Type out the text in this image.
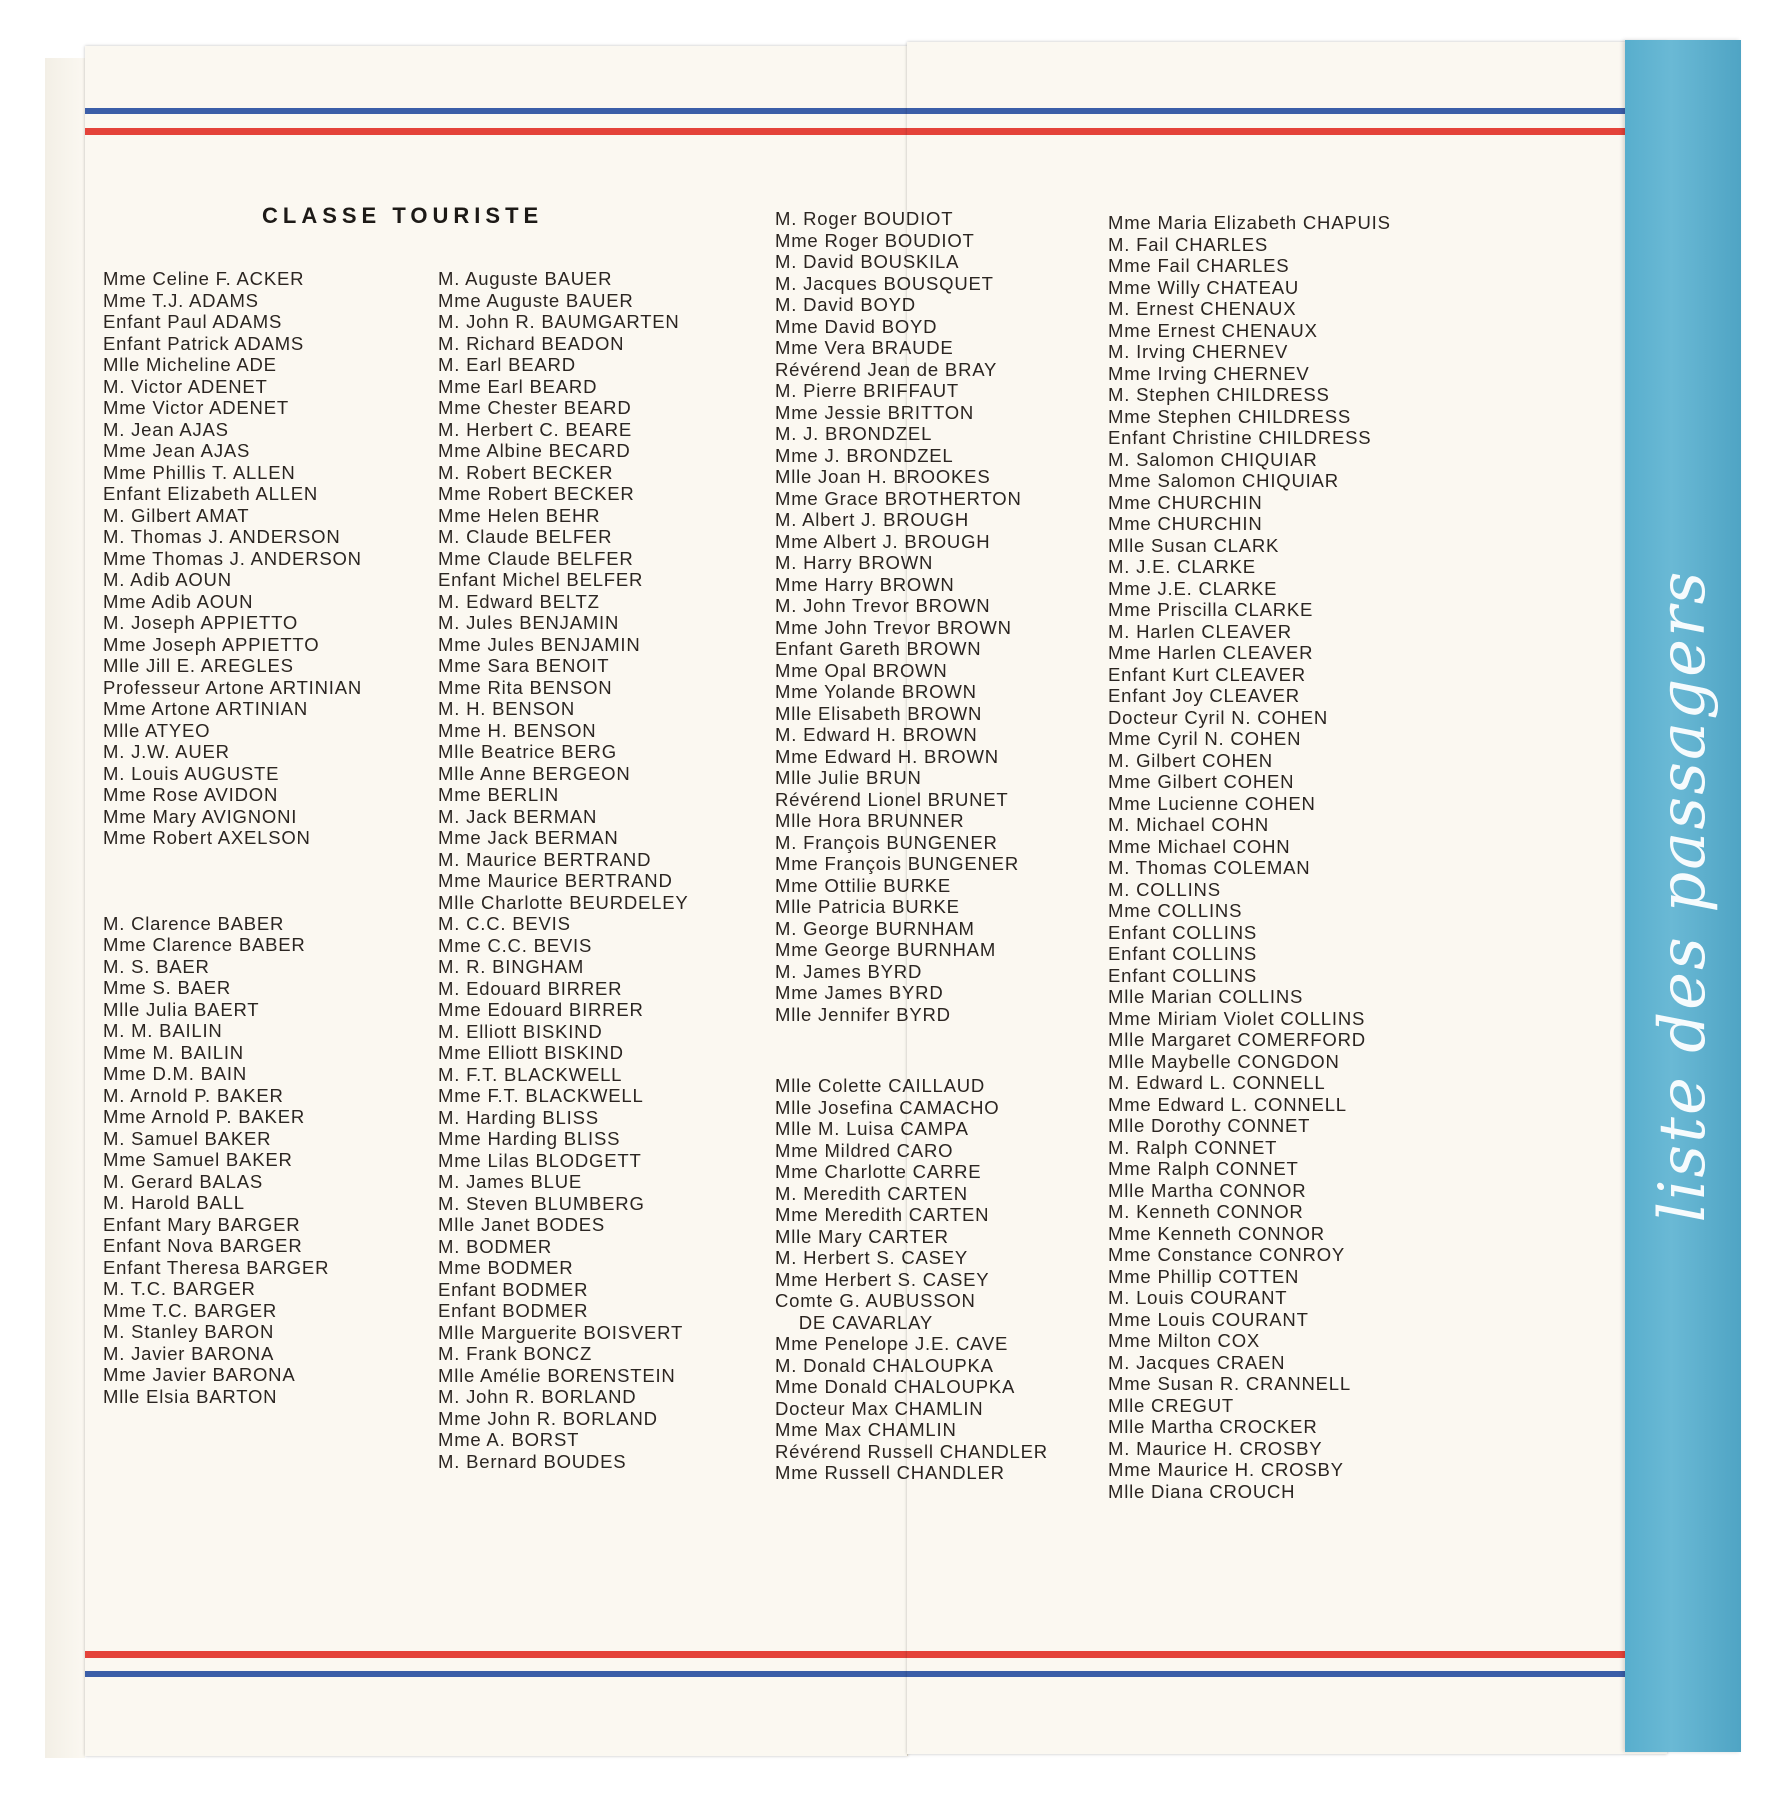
liste des passagers
CLASSE TOURISTE
Mme Celine F. ACKER
Mme T.J. ADAMS
Enfant Paul ADAMS
Enfant Patrick ADAMS
Mlle Micheline ADE
M. Victor ADENET
Mme Victor ADENET
M. Jean AJAS
Mme Jean AJAS
Mme Phillis T. ALLEN
Enfant Elizabeth ALLEN
M. Gilbert AMAT
M. Thomas J. ANDERSON
Mme Thomas J. ANDERSON
M. Adib AOUN
Mme Adib AOUN
M. Joseph APPIETTO
Mme Joseph APPIETTO
Mlle Jill E. AREGLES
Professeur Artone ARTINIAN
Mme Artone ARTINIAN
Mlle ATYEO
M. J.W. AUER
M. Louis AUGUSTE
Mme Rose AVIDON
Mme Mary AVIGNONI
Mme Robert AXELSON
M. Clarence BABER
Mme Clarence BABER
M. S. BAER
Mme S. BAER
Mlle Julia BAERT
M. M. BAILIN
Mme M. BAILIN
Mme D.M. BAIN
M. Arnold P. BAKER
Mme Arnold P. BAKER
M. Samuel BAKER
Mme Samuel BAKER
M. Gerard BALAS
M. Harold BALL
Enfant Mary BARGER
Enfant Nova BARGER
Enfant Theresa BARGER
M. T.C. BARGER
Mme T.C. BARGER
M. Stanley BARON
M. Javier BARONA
Mme Javier BARONA
Mlle Elsia BARTON
M. Auguste BAUER
Mme Auguste BAUER
M. John R. BAUMGARTEN
M. Richard BEADON
M. Earl BEARD
Mme Earl BEARD
Mme Chester BEARD
M. Herbert C. BEARE
Mme Albine BECARD
M. Robert BECKER
Mme Robert BECKER
Mme Helen BEHR
M. Claude BELFER
Mme Claude BELFER
Enfant Michel BELFER
M. Edward BELTZ
M. Jules BENJAMIN
Mme Jules BENJAMIN
Mme Sara BENOIT
Mme Rita BENSON
M. H. BENSON
Mme H. BENSON
Mlle Beatrice BERG
Mlle Anne BERGEON
Mme BERLIN
M. Jack BERMAN
Mme Jack BERMAN
M. Maurice BERTRAND
Mme Maurice BERTRAND
Mlle Charlotte BEURDELEY
M. C.C. BEVIS
Mme C.C. BEVIS
M. R. BINGHAM
M. Edouard BIRRER
Mme Edouard BIRRER
M. Elliott BISKIND
Mme Elliott BISKIND
M. F.T. BLACKWELL
Mme F.T. BLACKWELL
M. Harding BLISS
Mme Harding BLISS
Mme Lilas BLODGETT
M. James BLUE
M. Steven BLUMBERG
Mlle Janet BODES
M. BODMER
Mme BODMER
Enfant BODMER
Enfant BODMER
Mlle Marguerite BOISVERT
M. Frank BONCZ
Mlle Amélie BORENSTEIN
M. John R. BORLAND
Mme John R. BORLAND
Mme A. BORST
M. Bernard BOUDES
M. Roger BOUDIOT
Mme Roger BOUDIOT
M. David BOUSKILA
M. Jacques BOUSQUET
M. David BOYD
Mme David BOYD
Mme Vera BRAUDE
Révérend Jean de BRAY
M. Pierre BRIFFAUT
Mme Jessie BRITTON
M. J. BRONDZEL
Mme J. BRONDZEL
Mlle Joan H. BROOKES
Mme Grace BROTHERTON
M. Albert J. BROUGH
Mme Albert J. BROUGH
M. Harry BROWN
Mme Harry BROWN
M. John Trevor BROWN
Mme John Trevor BROWN
Enfant Gareth BROWN
Mme Opal BROWN
Mme Yolande BROWN
Mlle Elisabeth BROWN
M. Edward H. BROWN
Mme Edward H. BROWN
Mlle Julie BRUN
Révérend Lionel BRUNET
Mlle Hora BRUNNER
M. François BUNGENER
Mme François BUNGENER
Mme Ottilie BURKE
Mlle Patricia BURKE
M. George BURNHAM
Mme George BURNHAM
M. James BYRD
Mme James BYRD
Mlle Jennifer BYRD
Mlle Colette CAILLAUD
Mlle Josefina CAMACHO
Mlle M. Luisa CAMPA
Mme Mildred CARO
Mme Charlotte CARRE
M. Meredith CARTEN
Mme Meredith CARTEN
Mlle Mary CARTER
M. Herbert S. CASEY
Mme Herbert S. CASEY
Comte G. AUBUSSON
DE CAVARLAY
Mme Penelope J.E. CAVE
M. Donald CHALOUPKA
Mme Donald CHALOUPKA
Docteur Max CHAMLIN
Mme Max CHAMLIN
Révérend Russell CHANDLER
Mme Russell CHANDLER
Mme Maria Elizabeth CHAPUIS
M. Fail CHARLES
Mme Fail CHARLES
Mme Willy CHATEAU
M. Ernest CHENAUX
Mme Ernest CHENAUX
M. Irving CHERNEV
Mme Irving CHERNEV
M. Stephen CHILDRESS
Mme Stephen CHILDRESS
Enfant Christine CHILDRESS
M. Salomon CHIQUIAR
Mme Salomon CHIQUIAR
Mme CHURCHIN
Mme CHURCHIN
Mlle Susan CLARK
M. J.E. CLARKE
Mme J.E. CLARKE
Mme Priscilla CLARKE
M. Harlen CLEAVER
Mme Harlen CLEAVER
Enfant Kurt CLEAVER
Enfant Joy CLEAVER
Docteur Cyril N. COHEN
Mme Cyril N. COHEN
M. Gilbert COHEN
Mme Gilbert COHEN
Mme Lucienne COHEN
M. Michael COHN
Mme Michael COHN
M. Thomas COLEMAN
M. COLLINS
Mme COLLINS
Enfant COLLINS
Enfant COLLINS
Enfant COLLINS
Mlle Marian COLLINS
Mme Miriam Violet COLLINS
Mlle Margaret COMERFORD
Mlle Maybelle CONGDON
M. Edward L. CONNELL
Mme Edward L. CONNELL
Mlle Dorothy CONNET
M. Ralph CONNET
Mme Ralph CONNET
Mlle Martha CONNOR
M. Kenneth CONNOR
Mme Kenneth CONNOR
Mme Constance CONROY
Mme Phillip COTTEN
M. Louis COURANT
Mme Louis COURANT
Mme Milton COX
M. Jacques CRAEN
Mme Susan R. CRANNELL
Mlle CREGUT
Mlle Martha CROCKER
M. Maurice H. CROSBY
Mme Maurice H. CROSBY
Mlle Diana CROUCH
